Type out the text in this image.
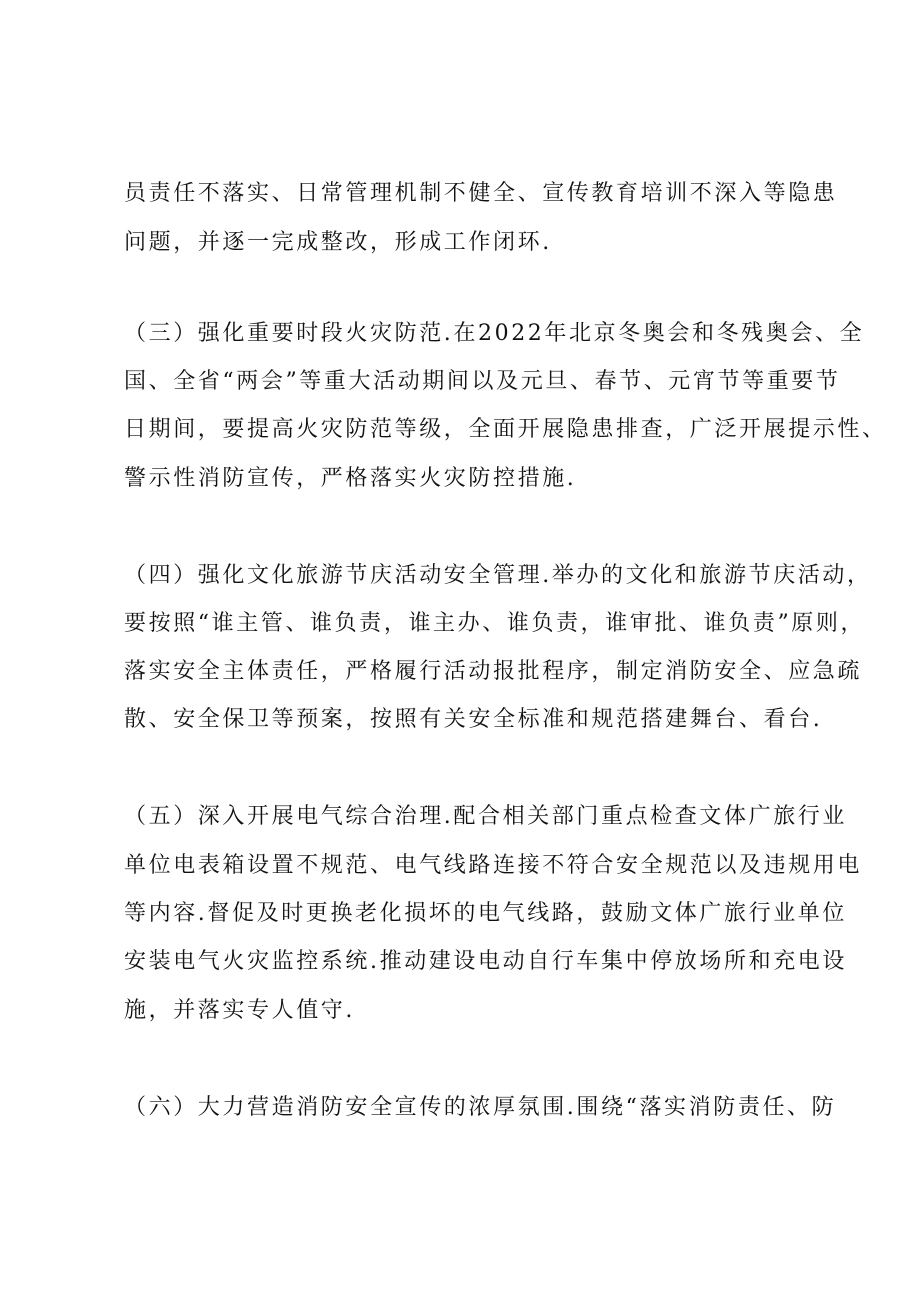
员责任不落实、日常管理机制不健全、宣传教育培训不深入等隐患
问题，并逐一完成整改，形成工作闭环.
（三）强化重要时段火灾防范.在2022年北京冬奥会和冬残奥会、全
国、全省“两会”等重大活动期间以及元旦、春节、元宵节等重要节
日期间，要提高火灾防范等级，全面开展隐患排查，广泛开展提示性、
警示性消防宣传，严格落实火灾防控措施.
（四）强化文化旅游节庆活动安全管理.举办的文化和旅游节庆活动，
要按照“谁主管、谁负责，谁主办、谁负责，谁审批、谁负责”原则，
落实安全主体责任，严格履行活动报批程序，制定消防安全、应急疏
散、安全保卫等预案，按照有关安全标准和规范搭建舞台、看台.
（五）深入开展电气综合治理.配合相关部门重点检查文体广旅行业
单位电表箱设置不规范、电气线路连接不符合安全规范以及违规用电
等内容.督促及时更换老化损坏的电气线路，鼓励文体广旅行业单位
安装电气火灾监控系统.推动建设电动自行车集中停放场所和充电设
施，并落实专人值守.
（六）大力营造消防安全宣传的浓厚氛围.围绕“落实消防责任、防
